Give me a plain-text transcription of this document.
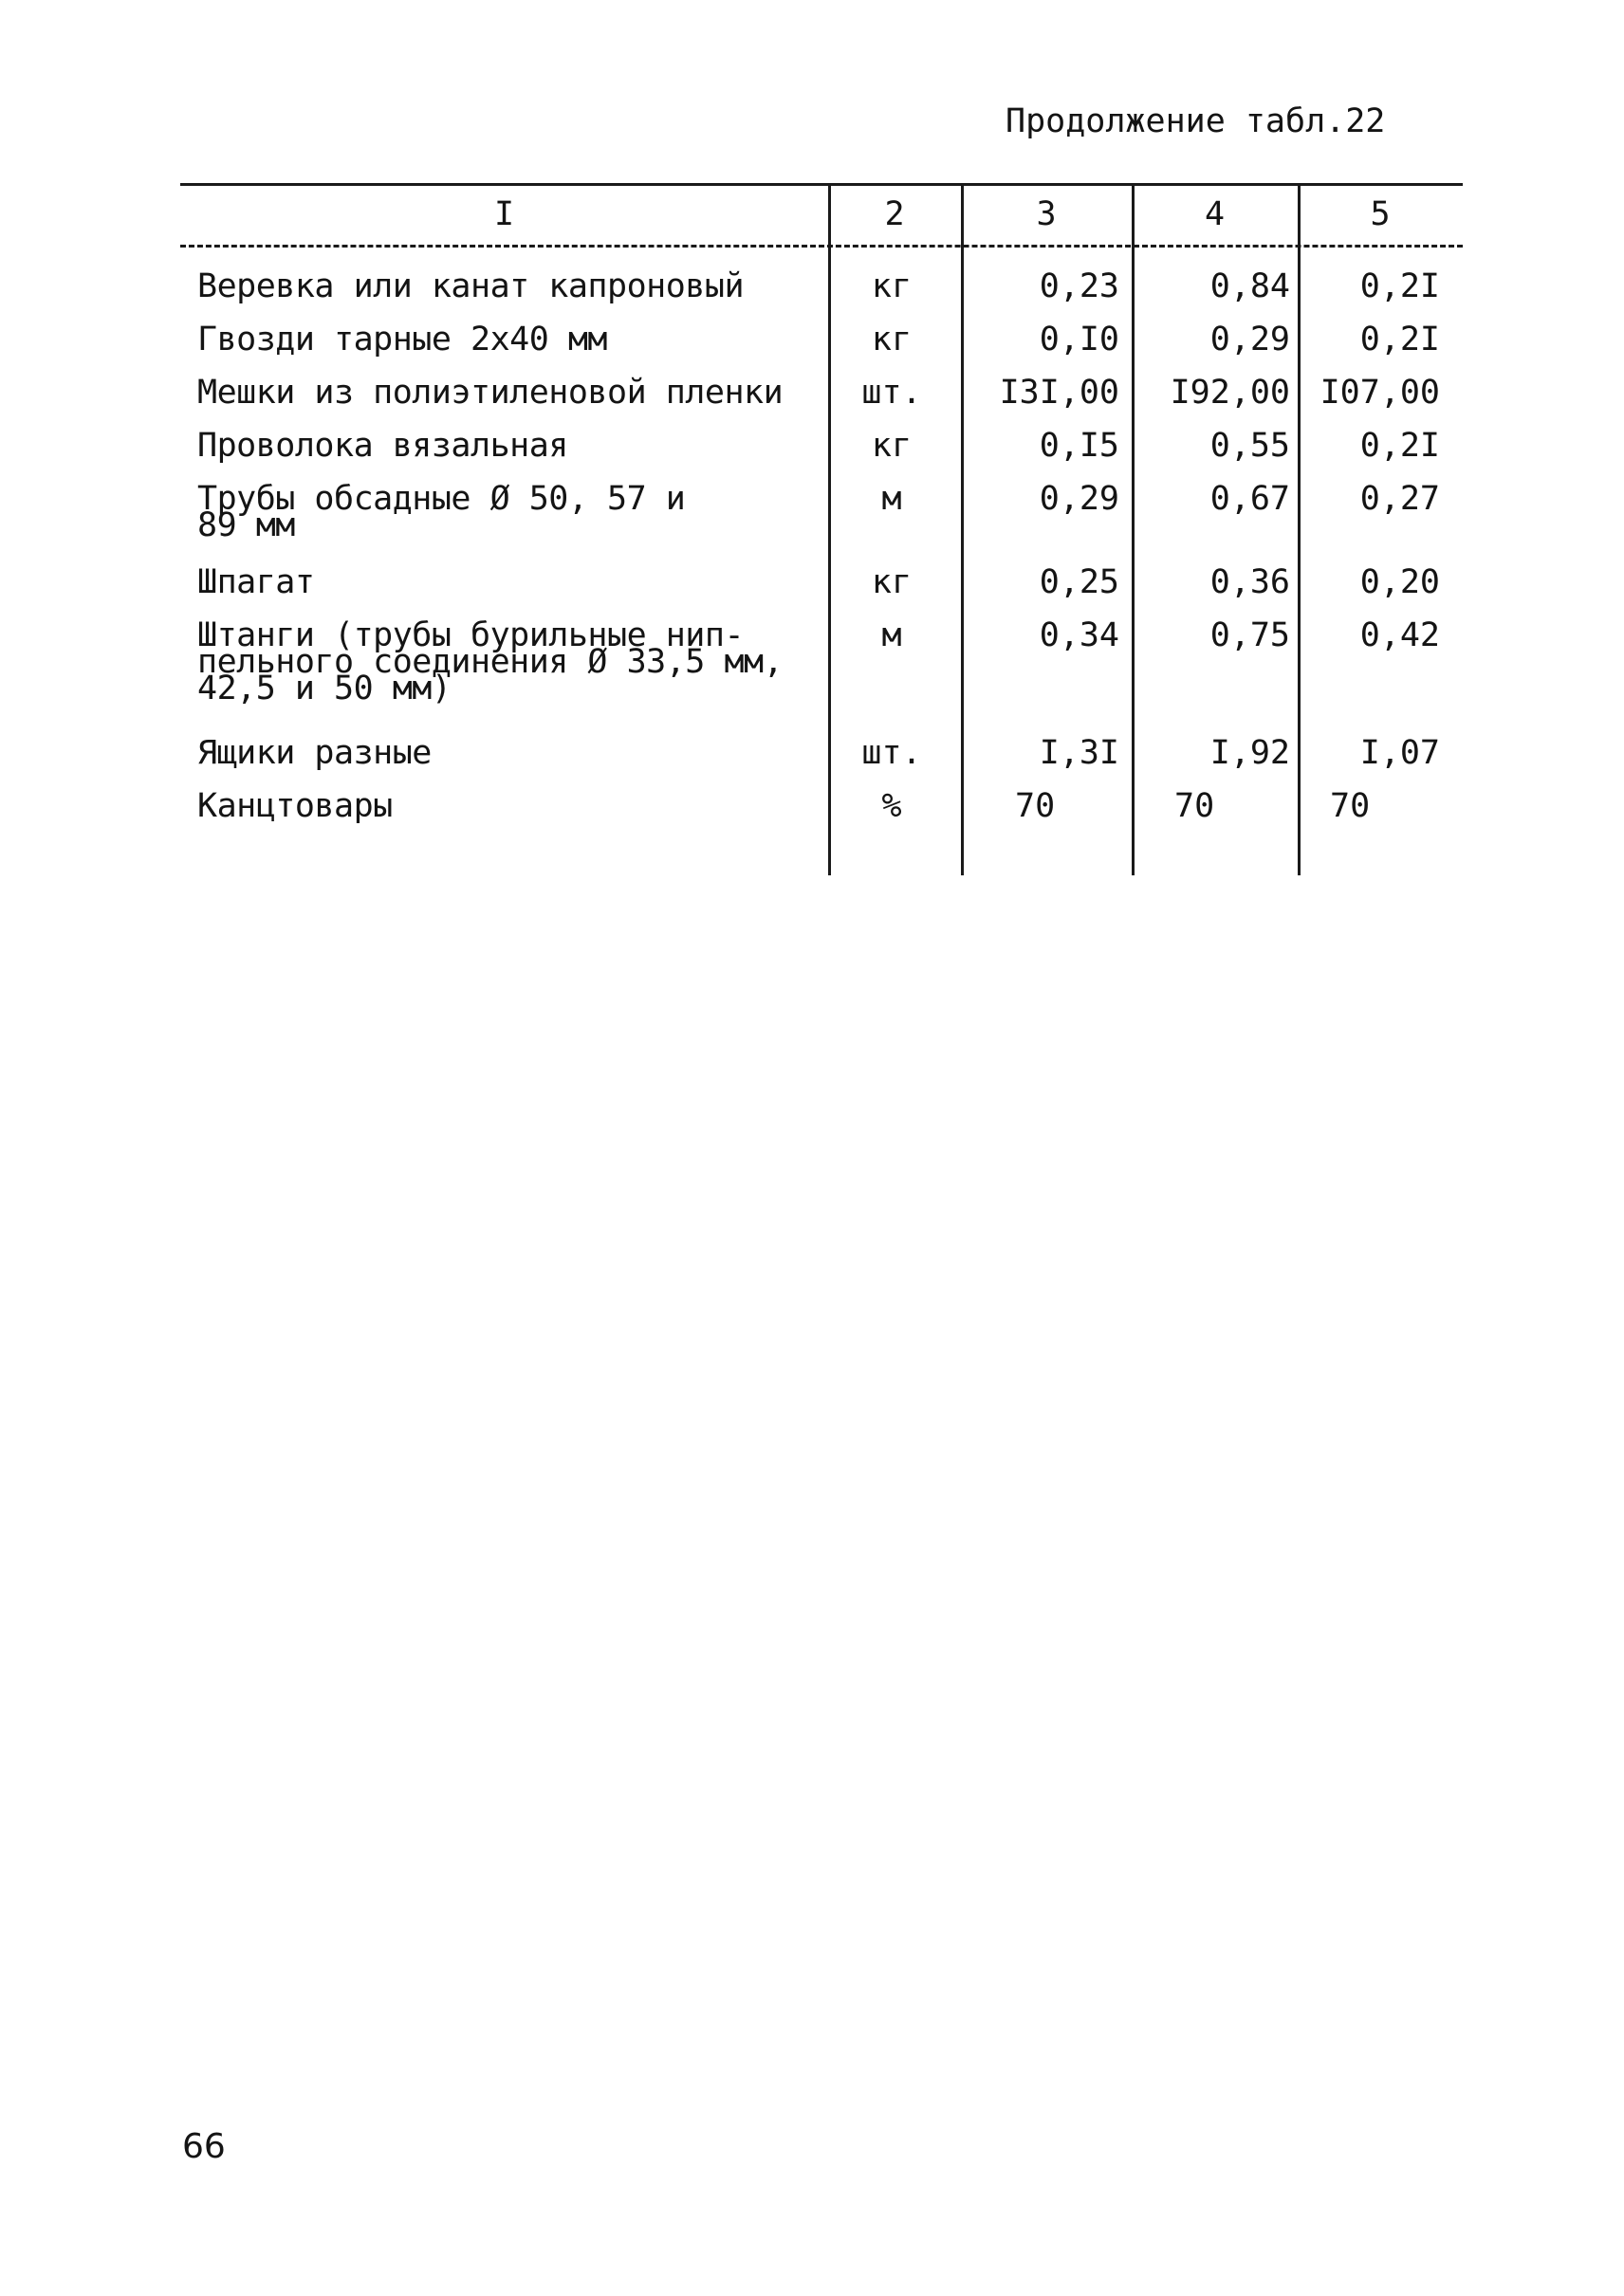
Продолжение табл.22
I	2	3	4	5
Веревка или канат капроновый	кг	0,23	0,84	0,2I
Гвозди тарные 2х40 мм	кг	0,I0	0,29	0,2I
Мешки из полиэтиленовой пленки	шт.	I3I,00	I92,00 I07,00
Проволока вязальная	кг	0,I5	0,55	0,2I
Трубы обсадные Ø 50, 57 и
89 мм
м	0,29	0,67	0,27
Шпагат	кг	0,25	0,36	0,20
Штанги (трубы бурильные нип-
пельного соединения Ø 33,5 мм,
42,5 и 50 мм)
м	0,34	0,75	0,42
Ящики разные	шт.	I,3I	I,92	I,07
Канцтовары	%	70	70	70
66
